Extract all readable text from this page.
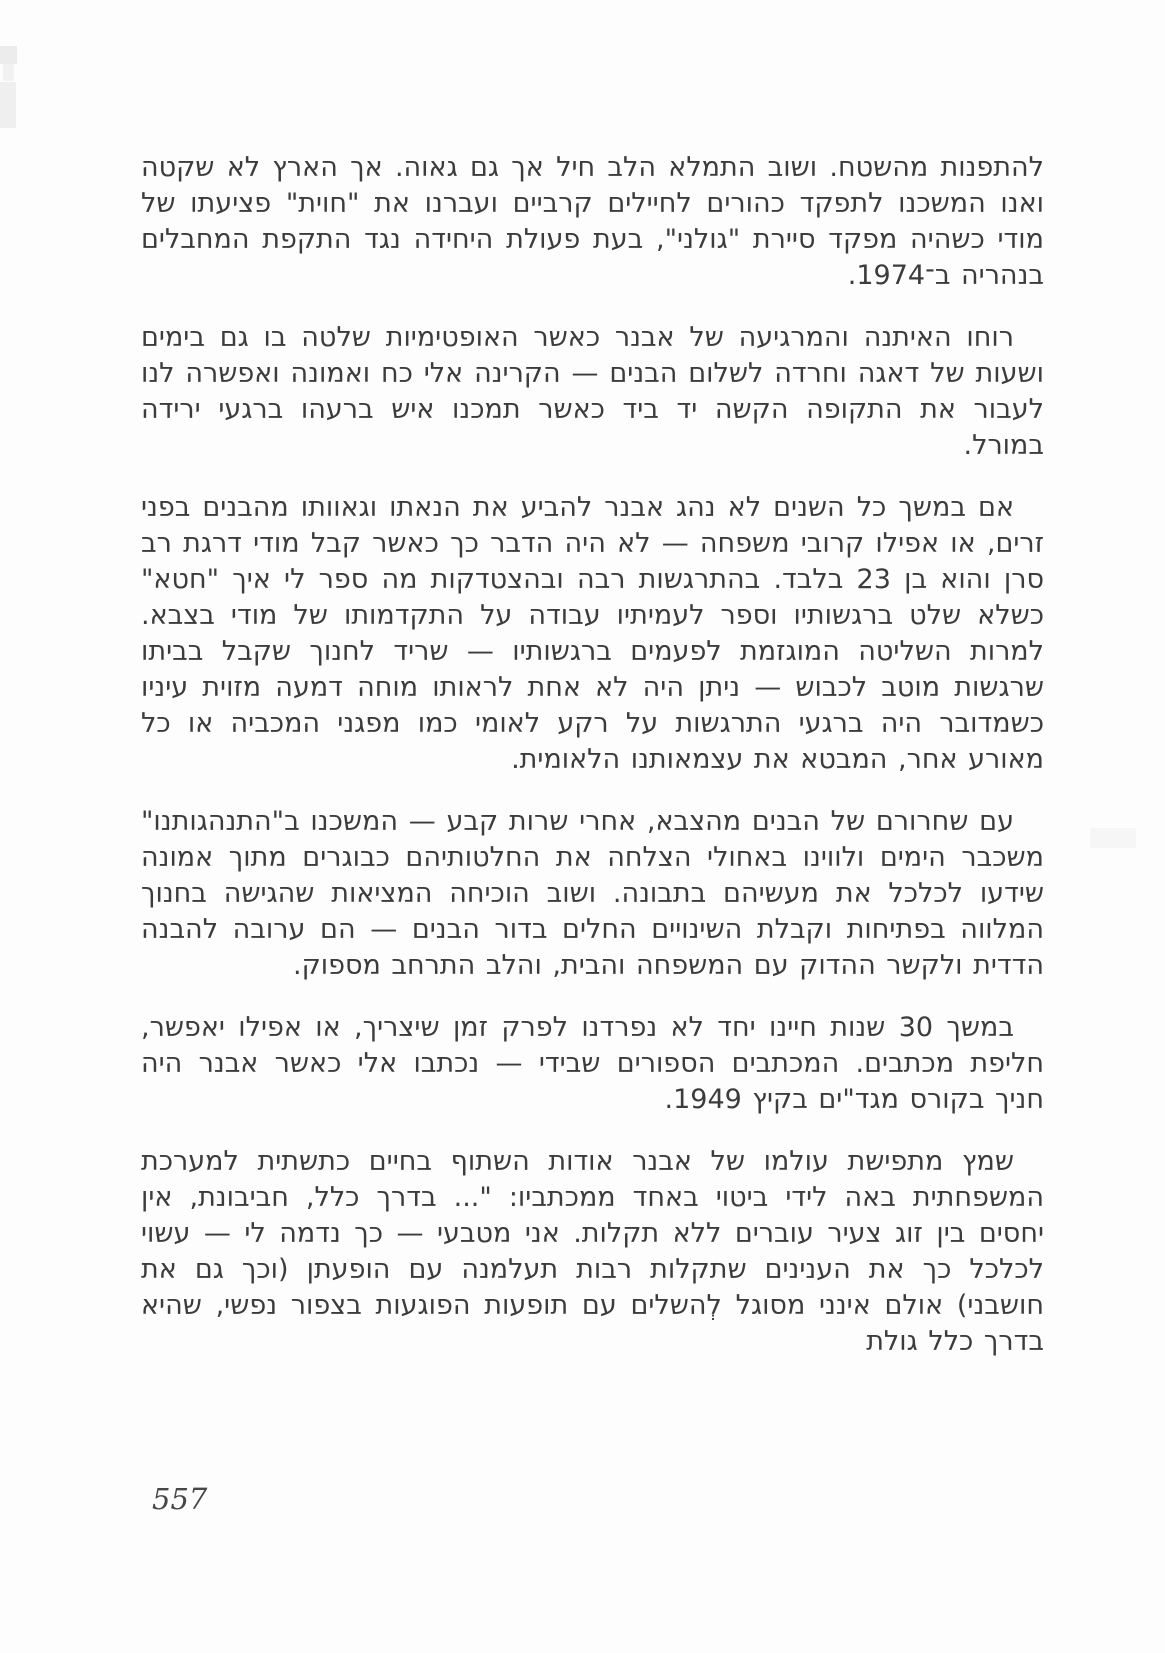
להתפנות מהשטח. ושוב התמלא הלב חיל אך גם גאוה. אך הארץ לא שקטה ואנו המשכנו לתפקד כהורים לחיילים קרביים ועברנו את "חוית" פציעתו של מודי כשהיה מפקד סיירת "גולני", בעת פעולת היחידה נגד התקפת המחבלים בנהריה ב־1974.

רוחו האיתנה והמרגיעה של אבנר כאשר האופטימיות שלטה בו גם בימים ושעות של דאגה וחרדה לשלום הבנים — הקרינה אלי כח ואמונה ואפשרה לנו לעבור את התקופה הקשה יד ביד כאשר תמכנו איש ברעהו ברגעי ירידה במורל.

אם במשך כל השנים לא נהג אבנר להביע את הנאתו וגאוותו מהבנים בפני זרים, או אפילו קרובי משפחה — לא היה הדבר כך כאשר קבל מודי דרגת רב סרן והוא בן 23 בלבד. בהתרגשות רבה ובהצטדקות מה ספר לי איך "חטא" כשלא שלט ברגשותיו וספר לעמיתיו עבודה על התקדמותו של מודי בצבא. למרות השליטה המוגזמת לפעמים ברגשותיו — שריד לחנוך שקבל בביתו שרגשות מוטב לכבוש — ניתן היה לא אחת לראותו מוחה דמעה מזוית עיניו כשמדובר היה ברגעי התרגשות על רקע לאומי כמו מפגני המכביה או כל מאורע אחר, המבטא את עצמאותנו הלאומית.

עם שחרורם של הבנים מהצבא, אחרי שרות קבע — המשכנו ב"התנהגותנו" משכבר הימים ולווינו באחולי הצלחה את החלטותיהם כבוגרים מתוך אמונה שידעו לכלכל את מעשיהם בתבונה. ושוב הוכיחה המציאות שהגישה בחנוך המלווה בפתיחות וקבלת השינויים החלים בדור הבנים — הם ערובה להבנה הדדית ולקשר ההדוק עם המשפחה והבית, והלב התרחב מספוק.

במשך 30 שנות חיינו יחד לא נפרדנו לפרק זמן שיצריך, או אפילו יאפשר, חליפת מכתבים. המכתבים הספורים שבידי — נכתבו אלי כאשר אבנר היה חניך בקורס מגד"ים בקיץ 1949.

שמץ מתפישת עולמו של אבנר אודות השתוף בחיים כתשתית למערכת המשפחתית באה לידי ביטוי באחד ממכתביו: "... בדרך כלל, חביבונת, אין יחסים בין זוג צעיר עוברים ללא תקלות. אני מטבעי — כך נדמה לי — עשוי לכלכל כך את הענינים שתקלות רבות תעלמנה עם הופעתן (וכך גם את חושבני) אולם אינני מסוגל לְהשלים עם תופעות הפוגעות בצפור נפשי, שהיא בדרך כלל גולת

557
